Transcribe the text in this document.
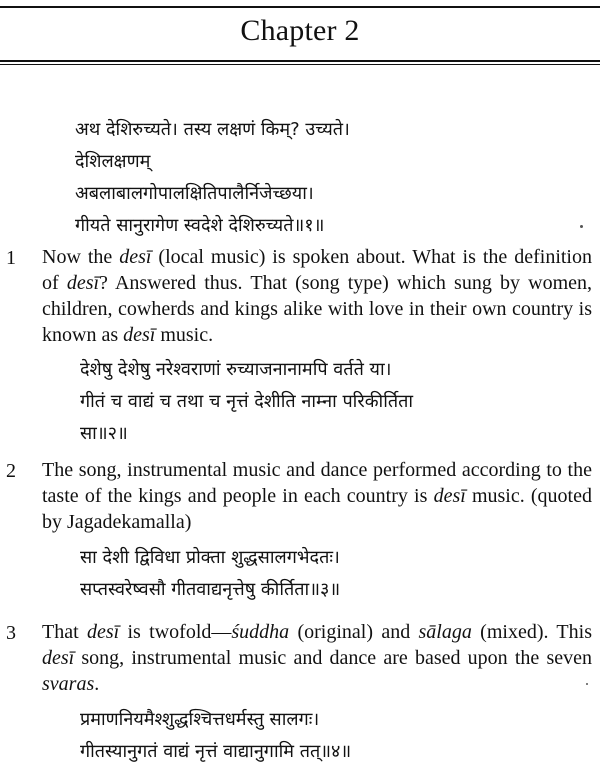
Chapter 2
अथ देशिरुच्यते। तस्य लक्षणं किम्? उच्यते।
देशिलक्षणम्
अबलाबालगोपालक्षितिपालैर्निजेच्छया।
गीयते सानुरागेण स्वदेशे देशिरुच्यते॥१॥
1 Now the desī (local music) is spoken about. What is the definition of desī? Answered thus. That (song type) which sung by women, children, cowherds and kings alike with love in their own country is known as desī music.
देशेषु देशेषु नरेश्वराणां रुच्याजनानामपि वर्तते या।
गीतं च वाद्यं च तथा च नृत्तं देशीति नाम्ना परिकीर्तिता
सा॥२॥
2 The song, instrumental music and dance performed according to the taste of the kings and people in each country is desī music. (quoted by Jagadekamalla)
सा देशी द्विविधा प्रोक्ता शुद्धसालगभेदतः।
सप्तस्वरेष्वसौ गीतवाद्यनृत्तेषु कीर्तिता॥३॥
3 That desī is twofold—śuddha (original) and sālaga (mixed). This desī song, instrumental music and dance are based upon the seven svaras.
प्रमाणनियमैश्शुद्धश्चित्तधर्मस्तु सालगः।
गीतस्यानुगतं वाद्यं नृत्तं वाद्यानुगामि तत्॥४॥
